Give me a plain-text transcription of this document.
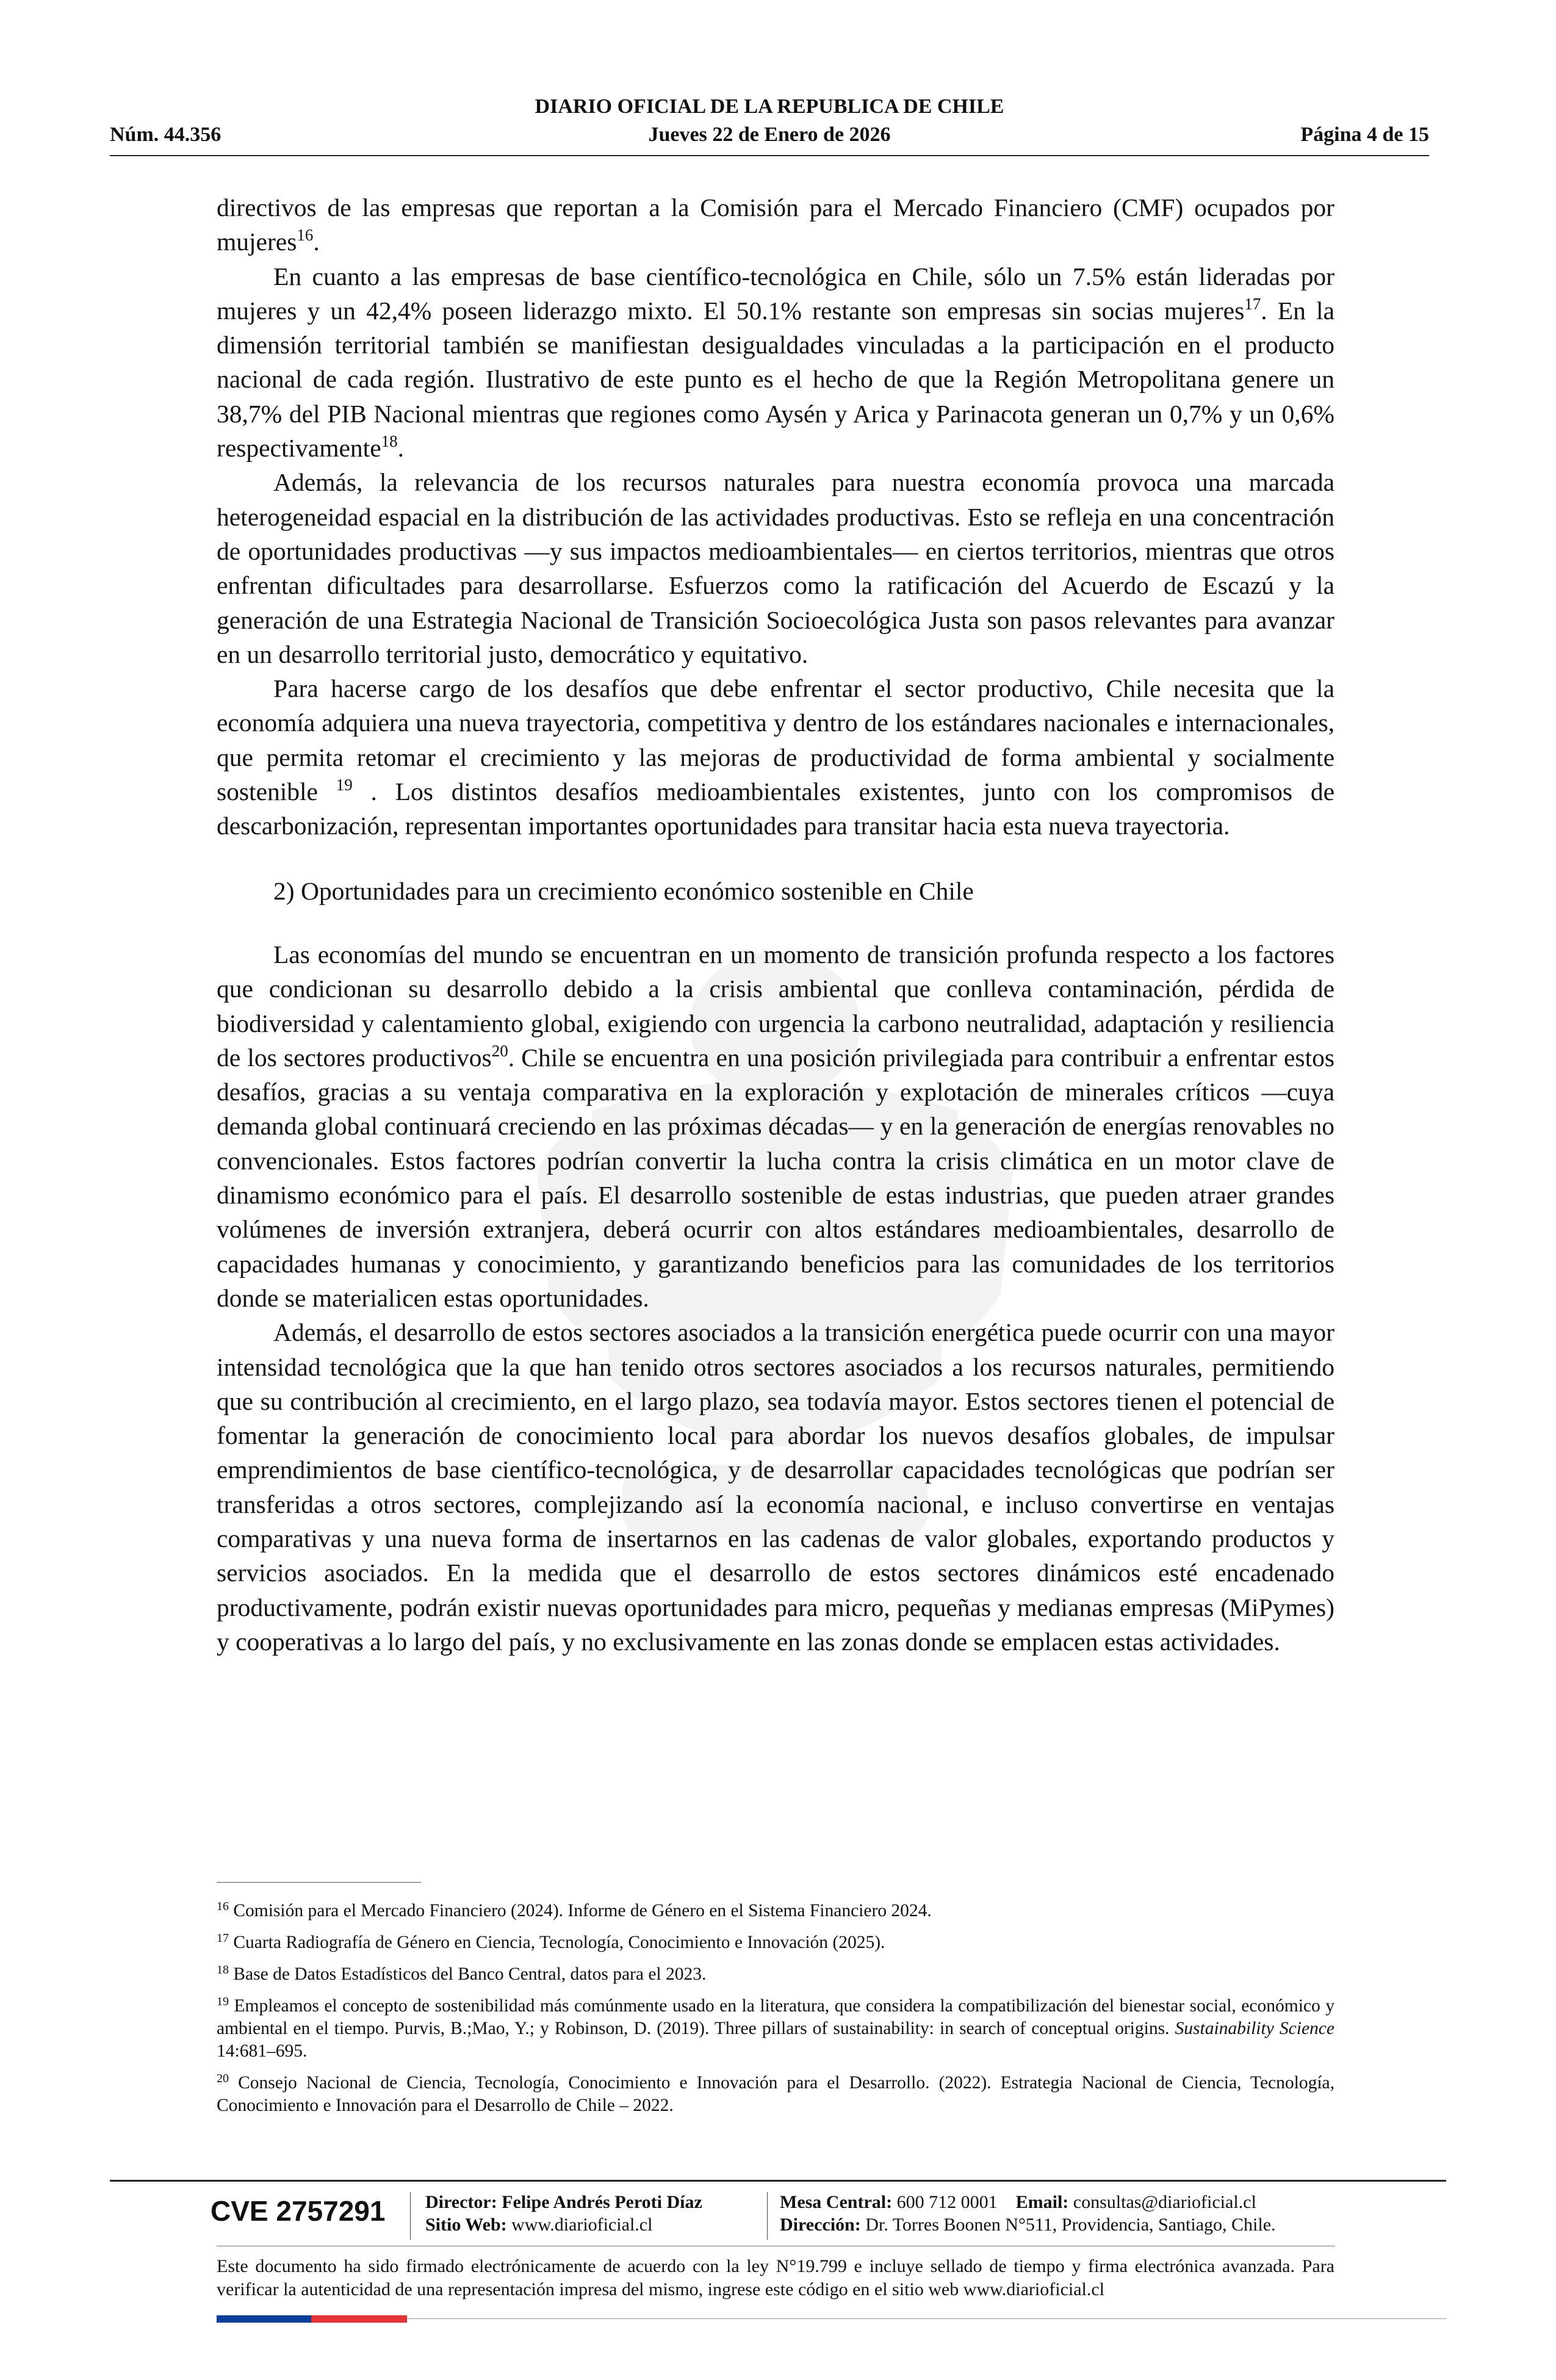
DIARIO OFICIAL DE LA REPUBLICA DE CHILE
Núm. 44.356	Jueves 22 de Enero de 2026	Página 4 de 15

directivos de las empresas que reportan a la Comisión para el Mercado Financiero (CMF) ocupados por mujeres$^{16}$.

En cuanto a las empresas de base científico-tecnológica en Chile, sólo un 7.5% están lideradas por mujeres y un 42,4% poseen liderazgo mixto. El 50.1% restante son empresas sin socias mujeres$^{17}$. En la dimensión territorial también se manifiestan desigualdades vinculadas a la participación en el producto nacional de cada región. Ilustrativo de este punto es el hecho de que la Región Metropolitana genere un 38,7% del PIB Nacional mientras que regiones como Aysén y Arica y Parinacota generan un 0,7% y un 0,6% respectivamente$^{18}$.

Además, la relevancia de los recursos naturales para nuestra economía provoca una marcada heterogeneidad espacial en la distribución de las actividades productivas. Esto se refleja en una concentración de oportunidades productivas —y sus impactos medioambientales— en ciertos territorios, mientras que otros enfrentan dificultades para desarrollarse. Esfuerzos como la ratificación del Acuerdo de Escazú y la generación de una Estrategia Nacional de Transición Socioecológica Justa son pasos relevantes para avanzar en un desarrollo territorial justo, democrático y equitativo.

Para hacerse cargo de los desafíos que debe enfrentar el sector productivo, Chile necesita que la economía adquiera una nueva trayectoria, competitiva y dentro de los estándares nacionales e internacionales, que permita retomar el crecimiento y las mejoras de productividad de forma ambiental y socialmente sostenible $^{19}$ . Los distintos desafíos medioambientales existentes, junto con los compromisos de descarbonización, representan importantes oportunidades para transitar hacia esta nueva trayectoria.

2) Oportunidades para un crecimiento económico sostenible en Chile

Las economías del mundo se encuentran en un momento de transición profunda respecto a los factores que condicionan su desarrollo debido a la crisis ambiental que conlleva contaminación, pérdida de biodiversidad y calentamiento global, exigiendo con urgencia la carbono neutralidad, adaptación y resiliencia de los sectores productivos$^{20}$. Chile se encuentra en una posición privilegiada para contribuir a enfrentar estos desafíos, gracias a su ventaja comparativa en la exploración y explotación de minerales críticos —cuya demanda global continuará creciendo en las próximas décadas— y en la generación de energías renovables no convencionales. Estos factores podrían convertir la lucha contra la crisis climática en un motor clave de dinamismo económico para el país. El desarrollo sostenible de estas industrias, que pueden atraer grandes volúmenes de inversión extranjera, deberá ocurrir con altos estándares medioambientales, desarrollo de capacidades humanas y conocimiento, y garantizando beneficios para las comunidades de los territorios donde se materialicen estas oportunidades.

Además, el desarrollo de estos sectores asociados a la transición energética puede ocurrir con una mayor intensidad tecnológica que la que han tenido otros sectores asociados a los recursos naturales, permitiendo que su contribución al crecimiento, en el largo plazo, sea todavía mayor. Estos sectores tienen el potencial de fomentar la generación de conocimiento local para abordar los nuevos desafíos globales, de impulsar emprendimientos de base científico-tecnológica, y de desarrollar capacidades tecnológicas que podrían ser transferidas a otros sectores, complejizando así la economía nacional, e incluso convertirse en ventajas comparativas y una nueva forma de insertarnos en las cadenas de valor globales, exportando productos y servicios asociados. En la medida que el desarrollo de estos sectores dinámicos esté encadenado productivamente, podrán existir nuevas oportunidades para micro, pequeñas y medianas empresas (MiPymes) y cooperativas a lo largo del país, y no exclusivamente en las zonas donde se emplacen estas actividades.

$^{16}$ Comisión para el Mercado Financiero (2024). Informe de Género en el Sistema Financiero 2024.

$^{17}$ Cuarta Radiografía de Género en Ciencia, Tecnología, Conocimiento e Innovación (2025).

$^{18}$ Base de Datos Estadísticos del Banco Central, datos para el 2023.

$^{19}$ Empleamos el concepto de sostenibilidad más comúnmente usado en la literatura, que considera la compatibilización del bienestar social, económico y ambiental en el tiempo. Purvis, B.;Mao, Y.; y Robinson, D. (2019). Three pillars of sustainability: in search of conceptual origins. Sustainability Science 14:681–695.

$^{20}$ Consejo Nacional de Ciencia, Tecnología, Conocimiento e Innovación para el Desarrollo. (2022). Estrategia Nacional de Ciencia, Tecnología, Conocimiento e Innovación para el Desarrollo de Chile – 2022.

CVE 2757291 Director: Felipe Andrés Peroti Díaz
Sitio Web: www.diarioficial.cl
Mesa Central: 600 712 0001 Email: consultas@diarioficial.cl
Dirección: Dr. Torres Boonen N°511, Providencia, Santiago, Chile.
Este documento ha sido firmado electrónicamente de acuerdo con la ley N°19.799 e incluye sellado de tiempo y firma electrónica avanzada. Para verificar la autenticidad de una representación impresa del mismo, ingrese este código en el sitio web www.diarioficial.cl
